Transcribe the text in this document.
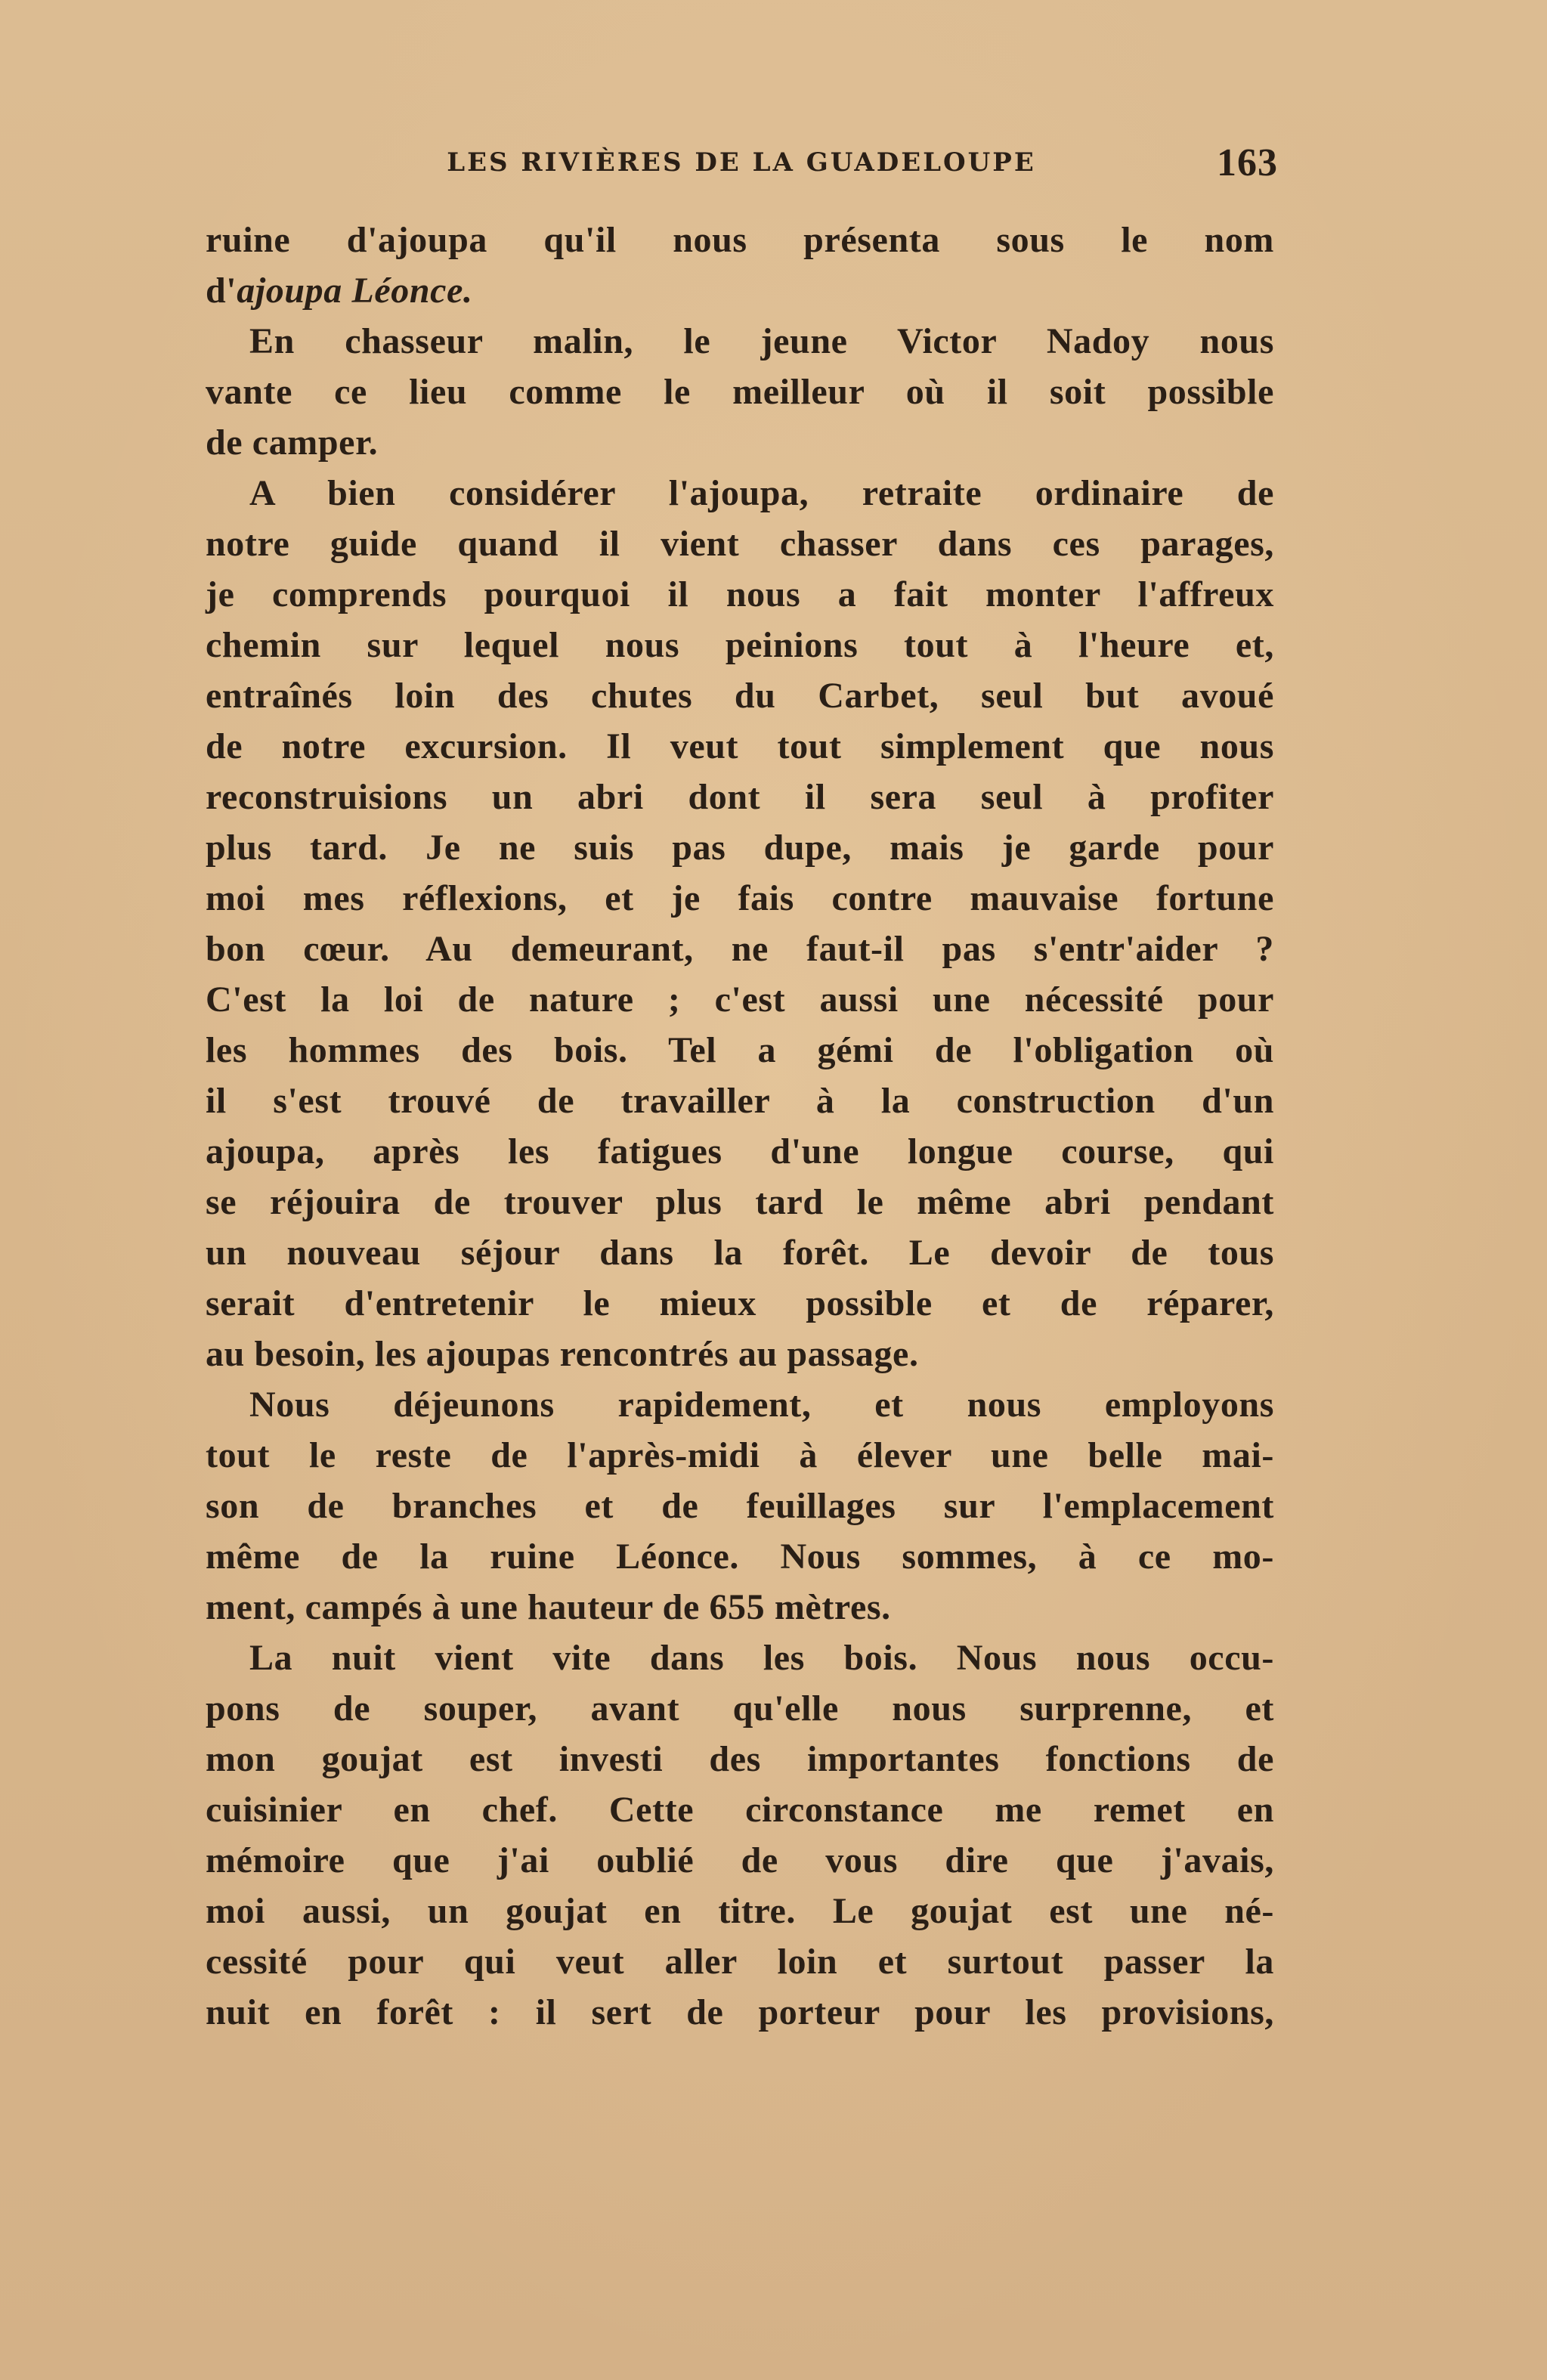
LES RIVIÈRES DE LA GUADELOUPE	163
ruine d'ajoupa qu'il nous présenta sous le nom
d'ajoupa Léonce.
En chasseur malin, le jeune Victor Nadoy nous
vante ce lieu comme le meilleur où il soit possible
de camper.
A bien considérer l'ajoupa, retraite ordinaire de
notre guide quand il vient chasser dans ces parages,
je comprends pourquoi il nous a fait monter l'affreux
chemin sur lequel nous peinions tout à l'heure et,
entraînés loin des chutes du Carbet, seul but avoué
de notre excursion. Il veut tout simplement que nous
reconstruisions un abri dont il sera seul à profiter
plus tard. Je ne suis pas dupe, mais je garde pour
moi mes réflexions, et je fais contre mauvaise fortune
bon cœur. Au demeurant, ne faut-il pas s'entr'aider ?
C'est la loi de nature ; c'est aussi une nécessité pour
les hommes des bois. Tel a gémi de l'obligation où
il s'est trouvé de travailler à la construction d'un
ajoupa, après les fatigues d'une longue course, qui
se réjouira de trouver plus tard le même abri pendant
un nouveau séjour dans la forêt. Le devoir de tous
serait d'entretenir le mieux possible et de réparer,
au besoin, les ajoupas rencontrés au passage.
Nous déjeunons rapidement, et nous employons
tout le reste de l'après-midi à élever une belle mai-
son de branches et de feuillages sur l'emplacement
même de la ruine Léonce. Nous sommes, à ce mo-
ment, campés à une hauteur de 655 mètres.
La nuit vient vite dans les bois. Nous nous occu-
pons de souper, avant qu'elle nous surprenne, et
mon goujat est investi des importantes fonctions de
cuisinier en chef. Cette circonstance me remet en
mémoire que j'ai oublié de vous dire que j'avais,
moi aussi, un goujat en titre. Le goujat est une né-
cessité pour qui veut aller loin et surtout passer la
nuit en forêt : il sert de porteur pour les provisions,
